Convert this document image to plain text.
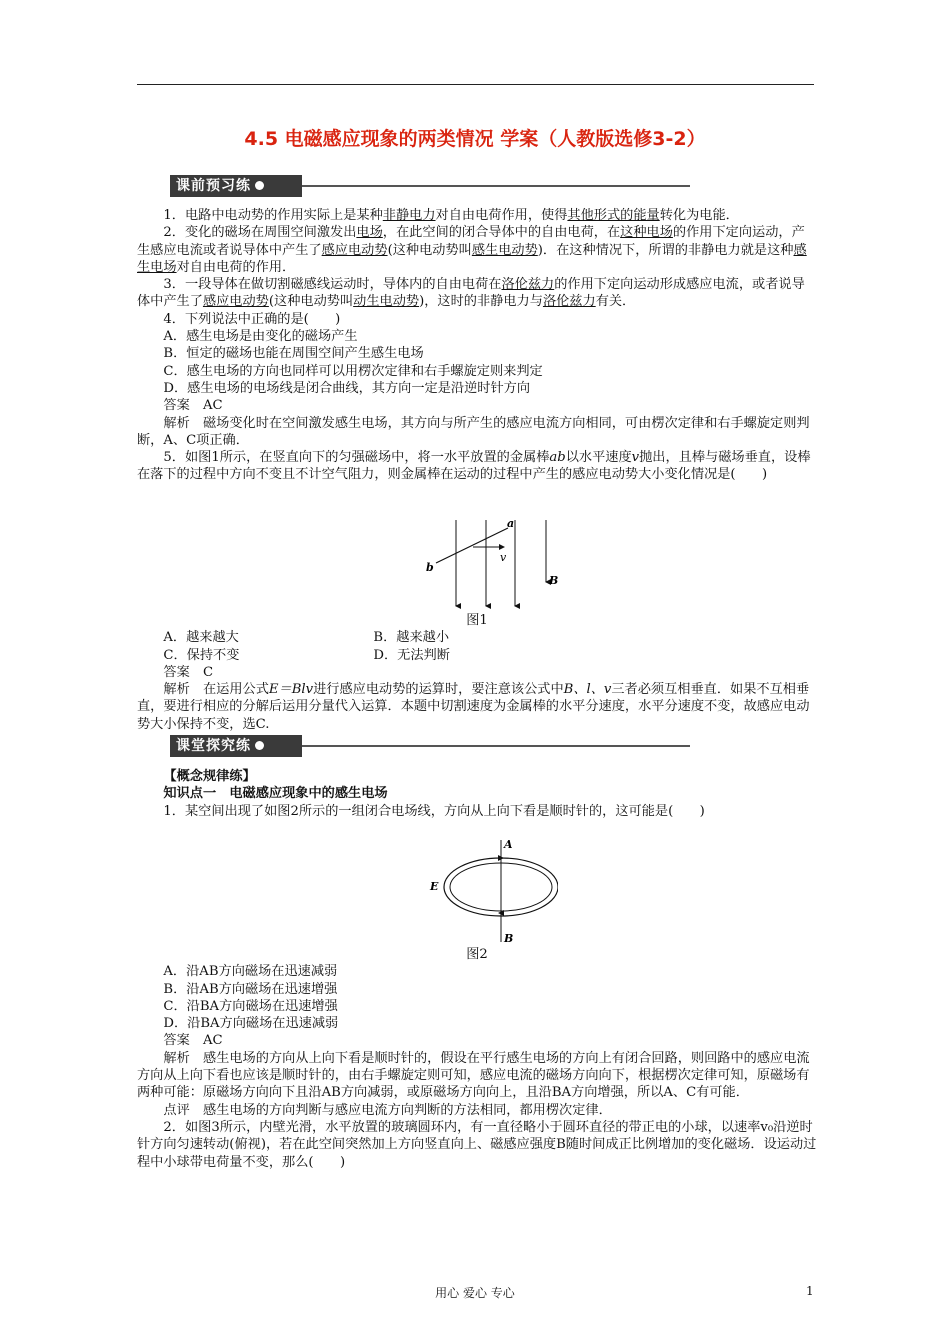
4.5 电磁感应现象的两类情况 学案（人教版选修3-2）
课前预习练

1．电路中电动势的作用实际上是某种非静电力对自由电荷作用，使得其他形式的能量转化为电能．

2．变化的磁场在周围空间激发出电场，在此空间的闭合导体中的自由电荷，在这种电场的作用下定向运动，产生感应电流或者说导体中产生了感应电动势(这种电动势叫感生电动势)．在这种情况下，所谓的非静电力就是这种感生电场对自由电荷的作用．

3．一段导体在做切割磁感线运动时，导体内的自由电荷在洛伦兹力的作用下定向运动形成感应电流，或者说导体中产生了感应电动势(这种电动势叫动生电动势)，这时的非静电力与洛伦兹力有关．

4．下列说法中正确的是(　　)

A．感生电场是由变化的磁场产生

B．恒定的磁场也能在周围空间产生感生电场

C．感生电场的方向也同样可以用楞次定律和右手螺旋定则来判定

D．感生电场的电场线是闭合曲线，其方向一定是沿逆时针方向

答案　AC

解析　磁场变化时在空间激发感生电场，其方向与所产生的感应电流方向相同，可由楞次定律和右手螺旋定则判断，A、C项正确．

5．如图1所示，在竖直向下的匀强磁场中，将一水平放置的金属棒ab以水平速度v抛出，且棒与磁场垂直，设棒在落下的过程中方向不变且不计空气阻力，则金属棒在运动的过程中产生的感应电动势大小变化情况是(　　)

a
b
v
B

图1

A．越来越大	B．越来越小
C．保持不变	D．无法判断

答案　C

解析　在运用公式E＝Blv进行感应电动势的运算时，要注意该公式中B、l、v三者必须互相垂直．如果不互相垂直，要进行相应的分解后运用分量代入运算．本题中切割速度为金属棒的水平分速度，水平分速度不变，故感应电动势大小保持不变，选C.

课堂探究练

【概念规律练】

知识点一　电磁感应现象中的感生电场

1．某空间出现了如图2所示的一组闭合电场线，方向从上向下看是顺时针的，这可能是(　　)

A
B
E

图2

A．沿AB方向磁场在迅速减弱

B．沿AB方向磁场在迅速增强

C．沿BA方向磁场在迅速增强

D．沿BA方向磁场在迅速减弱

答案　AC

解析　感生电场的方向从上向下看是顺时针的，假设在平行感生电场的方向上有闭合回路，则回路中的感应电流方向从上向下看也应该是顺时针的，由右手螺旋定则可知，感应电流的磁场方向向下，根据楞次定律可知，原磁场有两种可能：原磁场方向向下且沿AB方向减弱，或原磁场方向向上，且沿BA方向增强，所以A、C有可能．

点评　感生电场的方向判断与感应电流方向判断的方法相同，都用楞次定律．

2．如图3所示，内壁光滑，水平放置的玻璃圆环内，有一直径略小于圆环直径的带正电的小球，以速率v₀沿逆时针方向匀速转动(俯视)，若在此空间突然加上方向竖直向上、磁感应强度B随时间成正比例增加的变化磁场．设运动过程中小球带电荷量不变，那么(　　)

用心 爱心 专心	1
